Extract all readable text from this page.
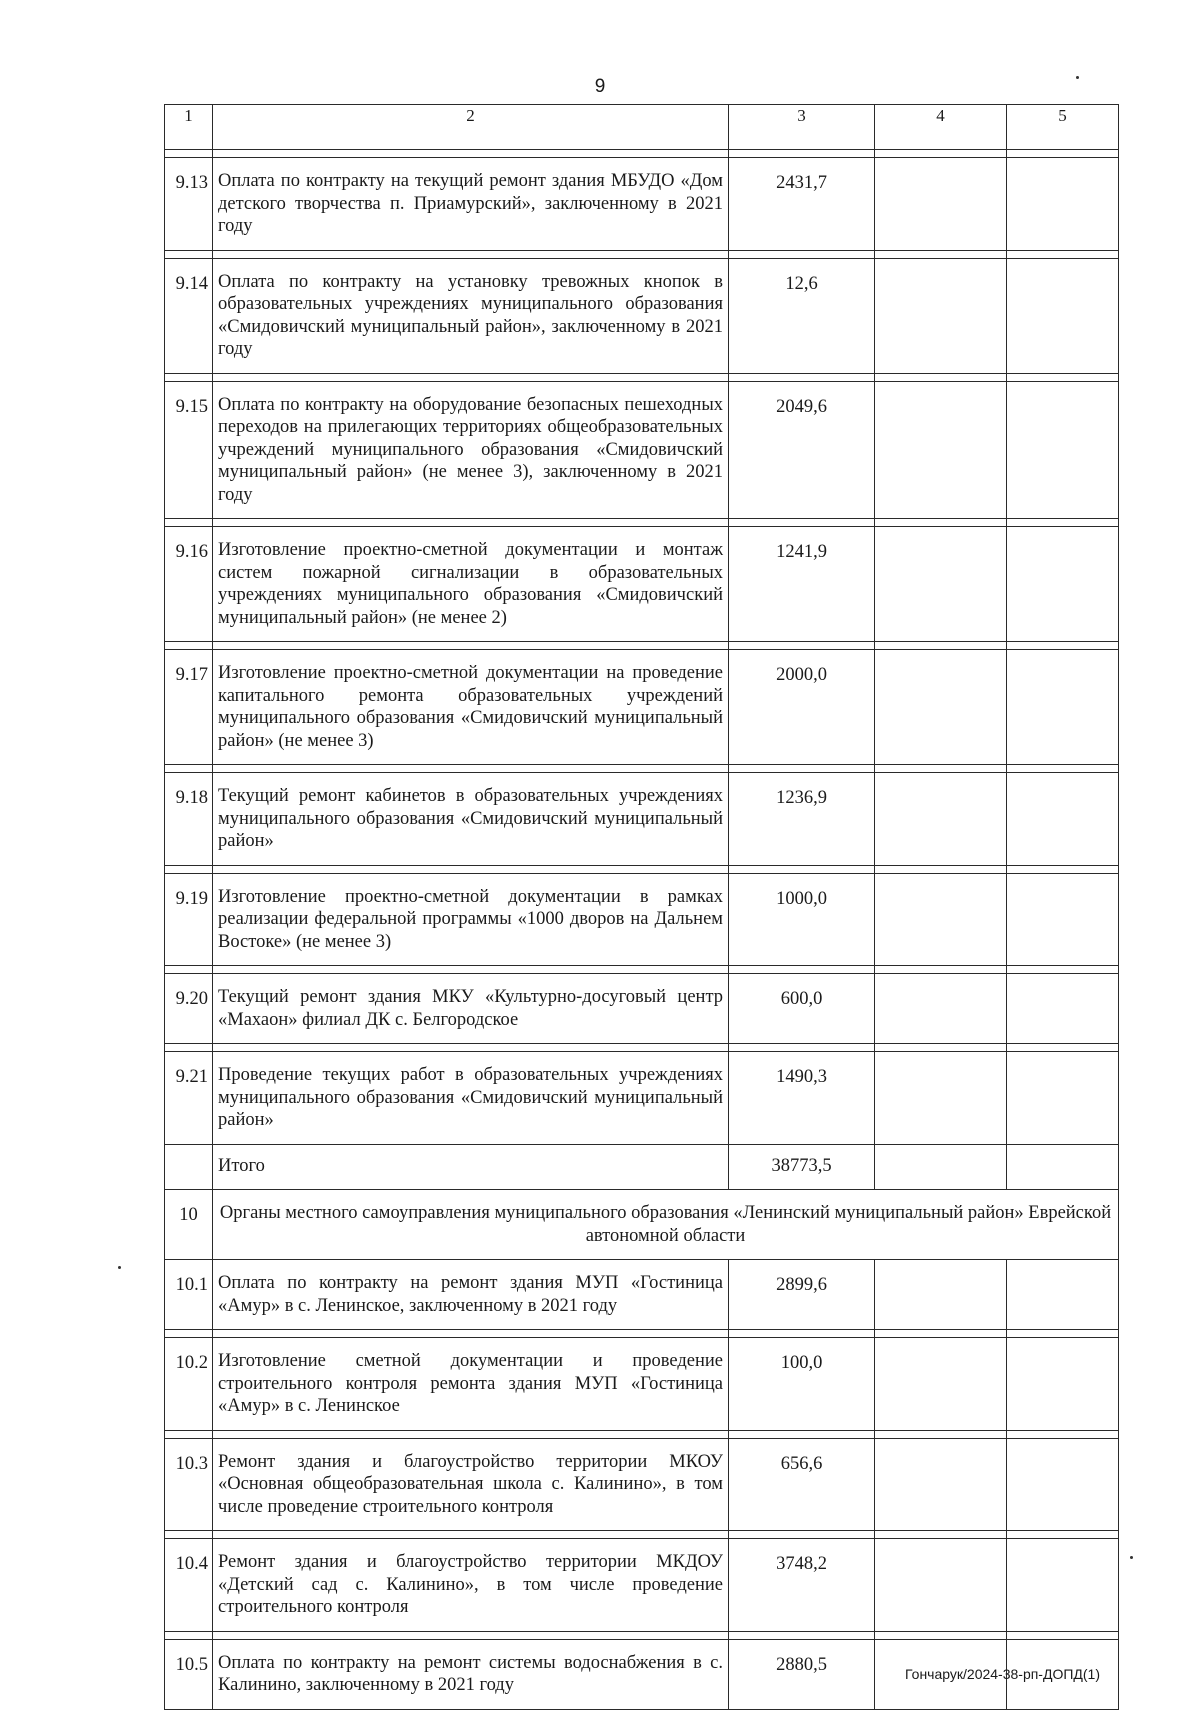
9
1	2	3	4	5

9.13	Оплата по контракту на текущий ремонт здания МБУДО «Дом детского творчества п. Приамурский», заключенному в 2021 году	2431,7		

9.14	Оплата по контракту на установку тревожных кнопок в образовательных учреждениях муниципального образования «Смидовичский муниципальный район», заключенному в 2021 году	12,6		

9.15	Оплата по контракту на оборудование безопасных пешеходных переходов на прилегающих территориях общеобразовательных учреждений муниципального образования «Смидовичский муниципальный район» (не менее 3), заключенному в 2021 году	2049,6		

9.16	Изготовление проектно-сметной документации и монтаж систем пожарной сигнализации в образовательных учреждениях муниципального образования «Смидовичский муниципальный район» (не менее 2)	1241,9		

9.17	Изготовление проектно-сметной документации на проведение капитального ремонта образовательных учреждений муниципального образования «Смидовичский муниципальный район» (не менее 3)	2000,0		

9.18	Текущий ремонт кабинетов в образовательных учреждениях муниципального образования «Смидовичский муниципальный район»	1236,9		

9.19	Изготовление проектно-сметной документации в рамках реализации федеральной программы «1000 дворов на Дальнем Востоке» (не менее 3)	1000,0		

9.20	Текущий ремонт здания МКУ «Культурно-досуговый центр «Махаон» филиал ДК с. Белгородское	600,0		

9.21	Проведение текущих работ в образовательных учреждениях муниципального образования «Смидовичский муниципальный район»	1490,3		
	Итого	38773,5		
10	Органы местного самоуправления муниципального образования «Ленинский муниципальный район» Еврейской автономной области			
10.1	Оплата по контракту на ремонт здания МУП «Гостиница «Амур» в с. Ленинское, заключенному в 2021 году	2899,6		

10.2	Изготовление сметной документации и проведение строительного контроля ремонта здания МУП «Гостиница «Амур» в с. Ленинское	100,0		

10.3	Ремонт здания и благоустройство территории МКОУ «Основная общеобразовательная школа с. Калинино», в том числе проведение строительного контроля	656,6		

10.4	Ремонт здания и благоустройство территории МКДОУ «Детский сад с. Калинино», в том числе проведение строительного контроля	3748,2		

10.5	Оплата по контракту на ремонт системы водоснабжения в с. Калинино, заключенному в 2021 году	2880,5			Гончарук/2024-38-рп-ДОПД(1)
